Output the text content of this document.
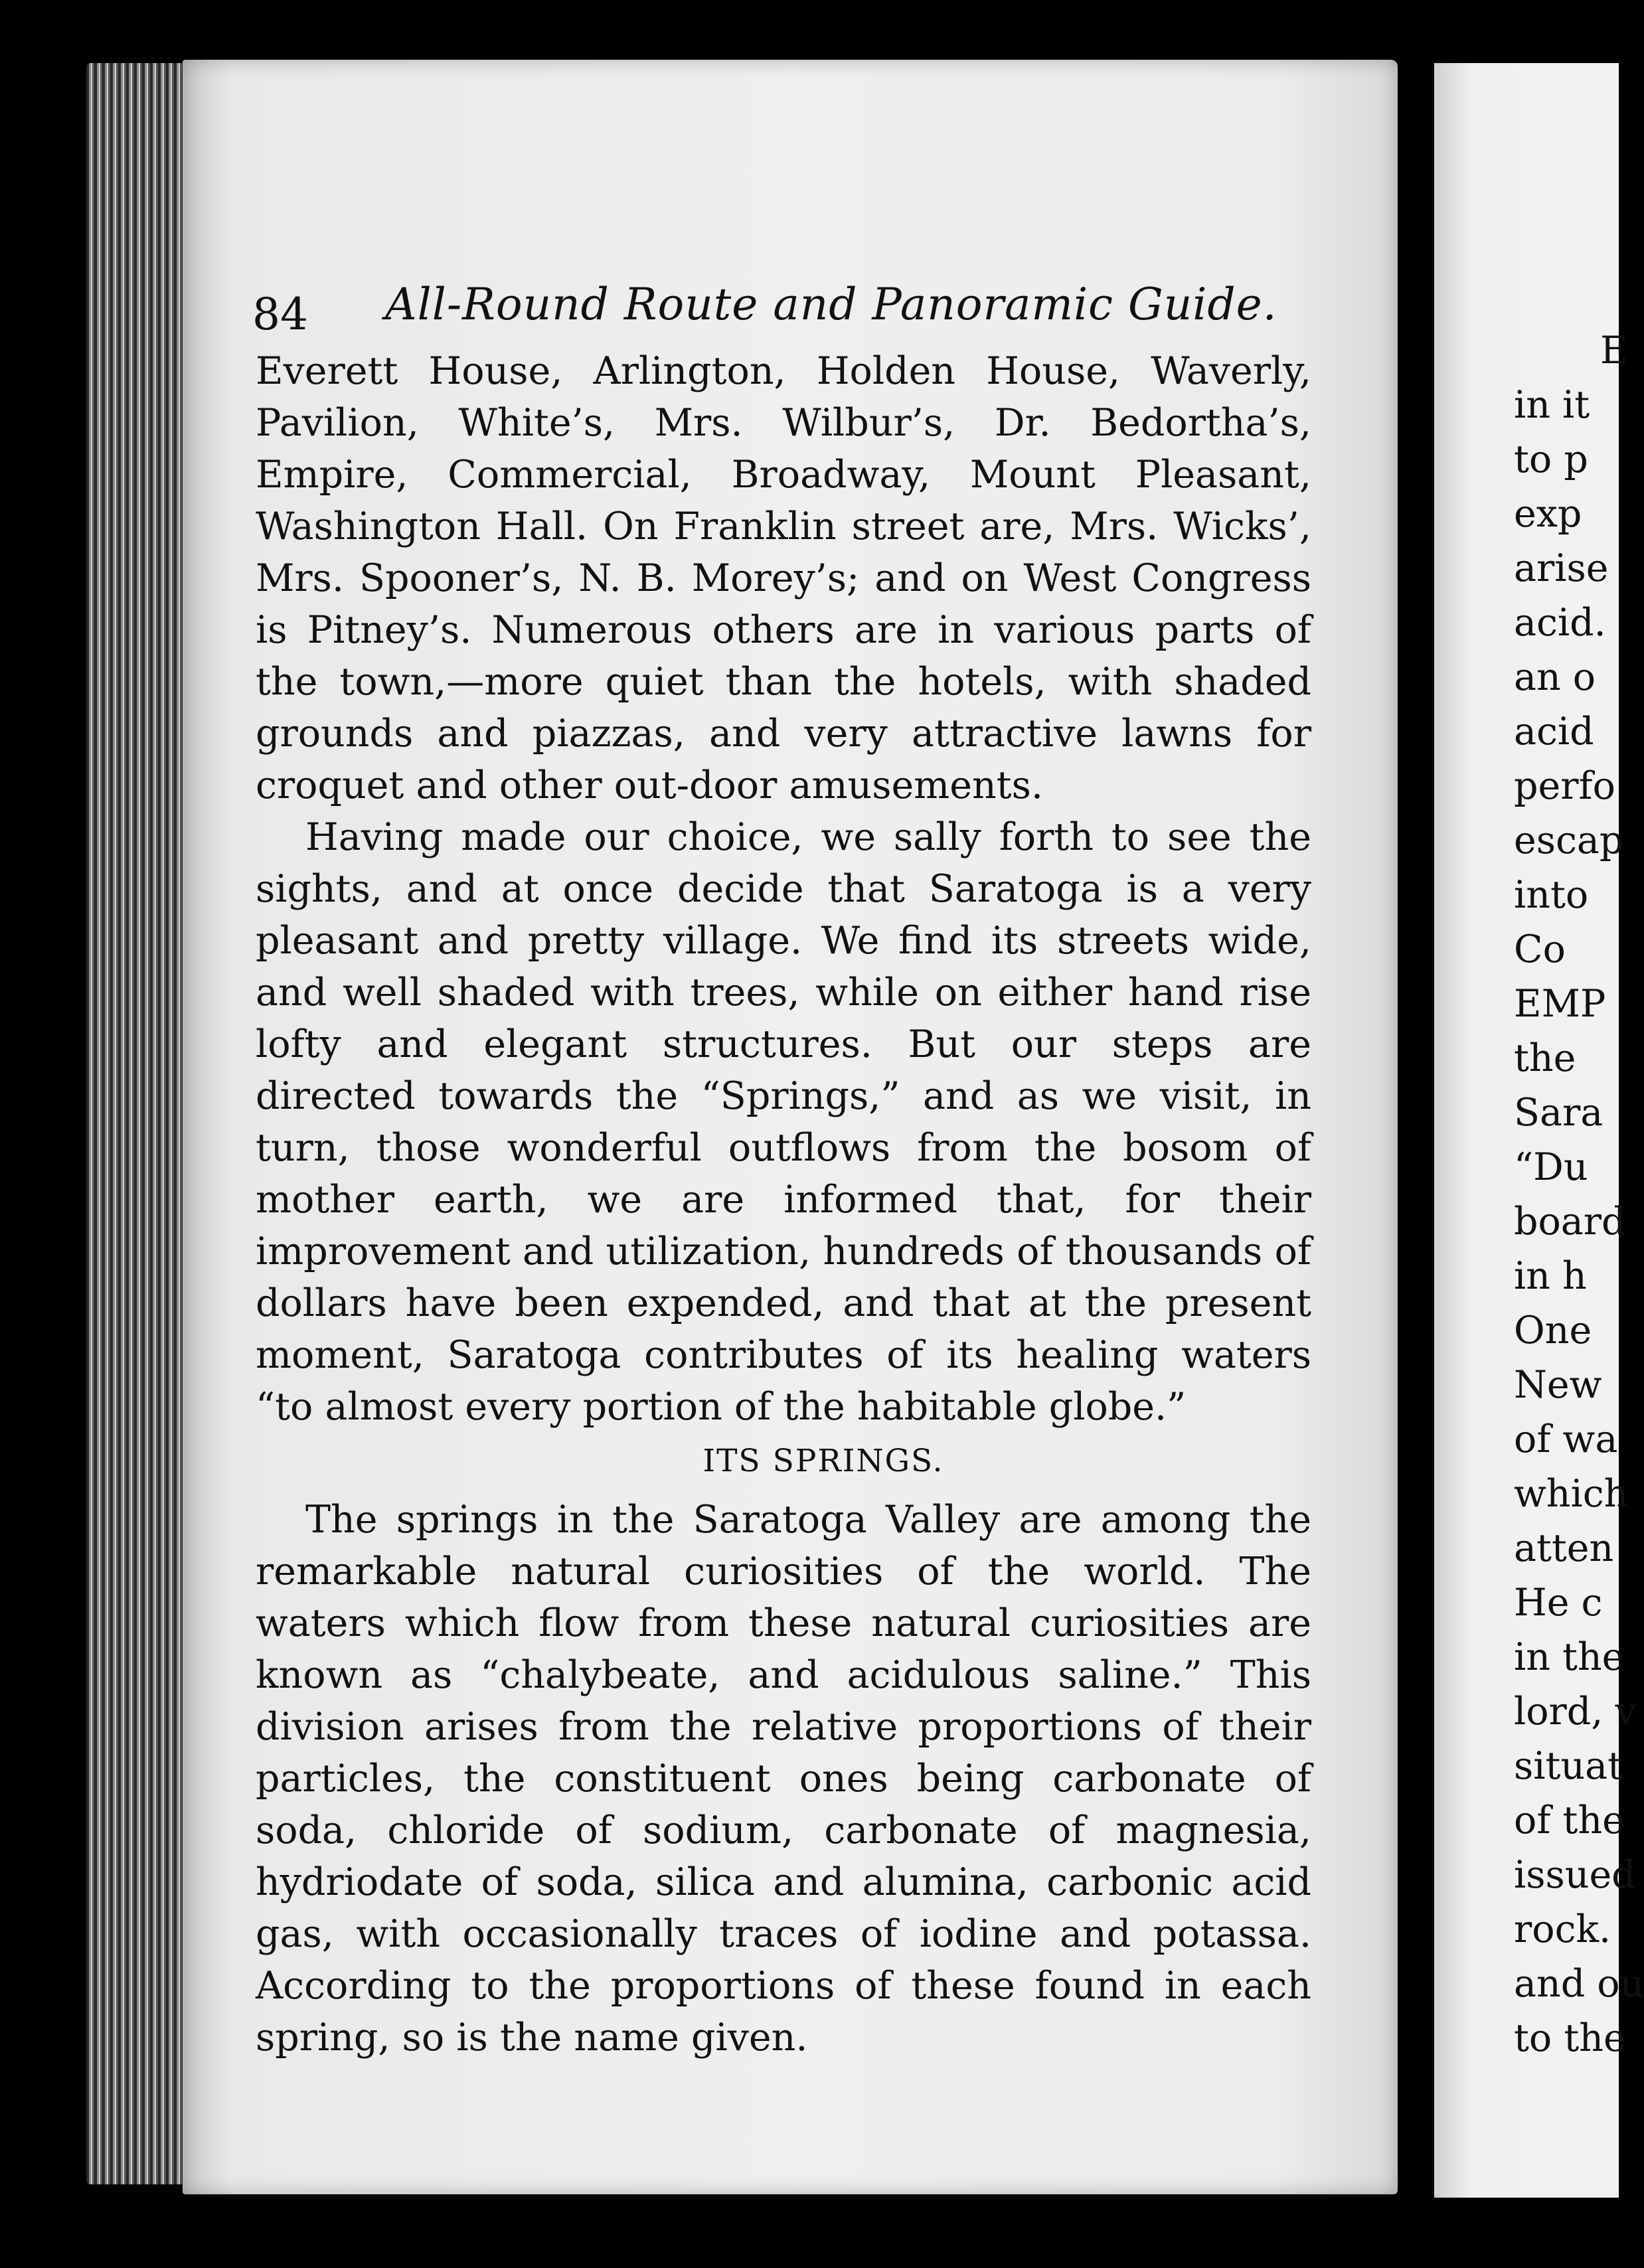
84 All-Round Route and Panoramic Guide.

Everett House, Arlington, Holden House, Waverly, Pavilion, White’s, Mrs. Wilbur’s, Dr. Bedortha’s, Empire, Commercial, Broadway, Mount Pleasant, Washington Hall. On Franklin street are, Mrs. Wicks’, Mrs. Spooner’s, N. B. Morey’s; and on West Congress is Pitney’s. Numerous others are in various parts of the town,—more quiet than the hotels, with shaded grounds and piazzas, and very attractive lawns for croquet and other out-door amusements.

Having made our choice, we sally forth to see the sights, and at once decide that Saratoga is a very pleasant and pretty village. We find its streets wide, and well shaded with trees, while on either hand rise lofty and elegant structures. But our steps are directed towards the “Springs,” and as we visit, in turn, those wonderful outflows from the bosom of mother earth, we are informed that, for their improvement and utilization, hundreds of thousands of dollars have been expended, and that at the present moment, Saratoga contributes of its healing waters “to almost every portion of the habitable globe.”

ITS SPRINGS.

The springs in the Saratoga Valley are among the remarkable natural curiosities of the world. The waters which flow from these natural curiosities are known as “chalybeate, and acidulous saline.” This division arises from the relative proportions of their particles, the constituent ones being carbonate of soda, chloride of sodium, carbonate of magnesia, hydriodate of soda, silica and alumina, carbonic acid gas, with occasionally traces of iodine and potassa. According to the proportions of these found in each spring, so is the name given.

E
in it
to p
exp
arise
acid.
an o
acid
perfo
escap
into
Co
EMP
the
Sara
“Du
board
in h
One
New
of wa
which
atten
He c
in the
lord, v
situat
of the
issued
rock.
and ou
to the
